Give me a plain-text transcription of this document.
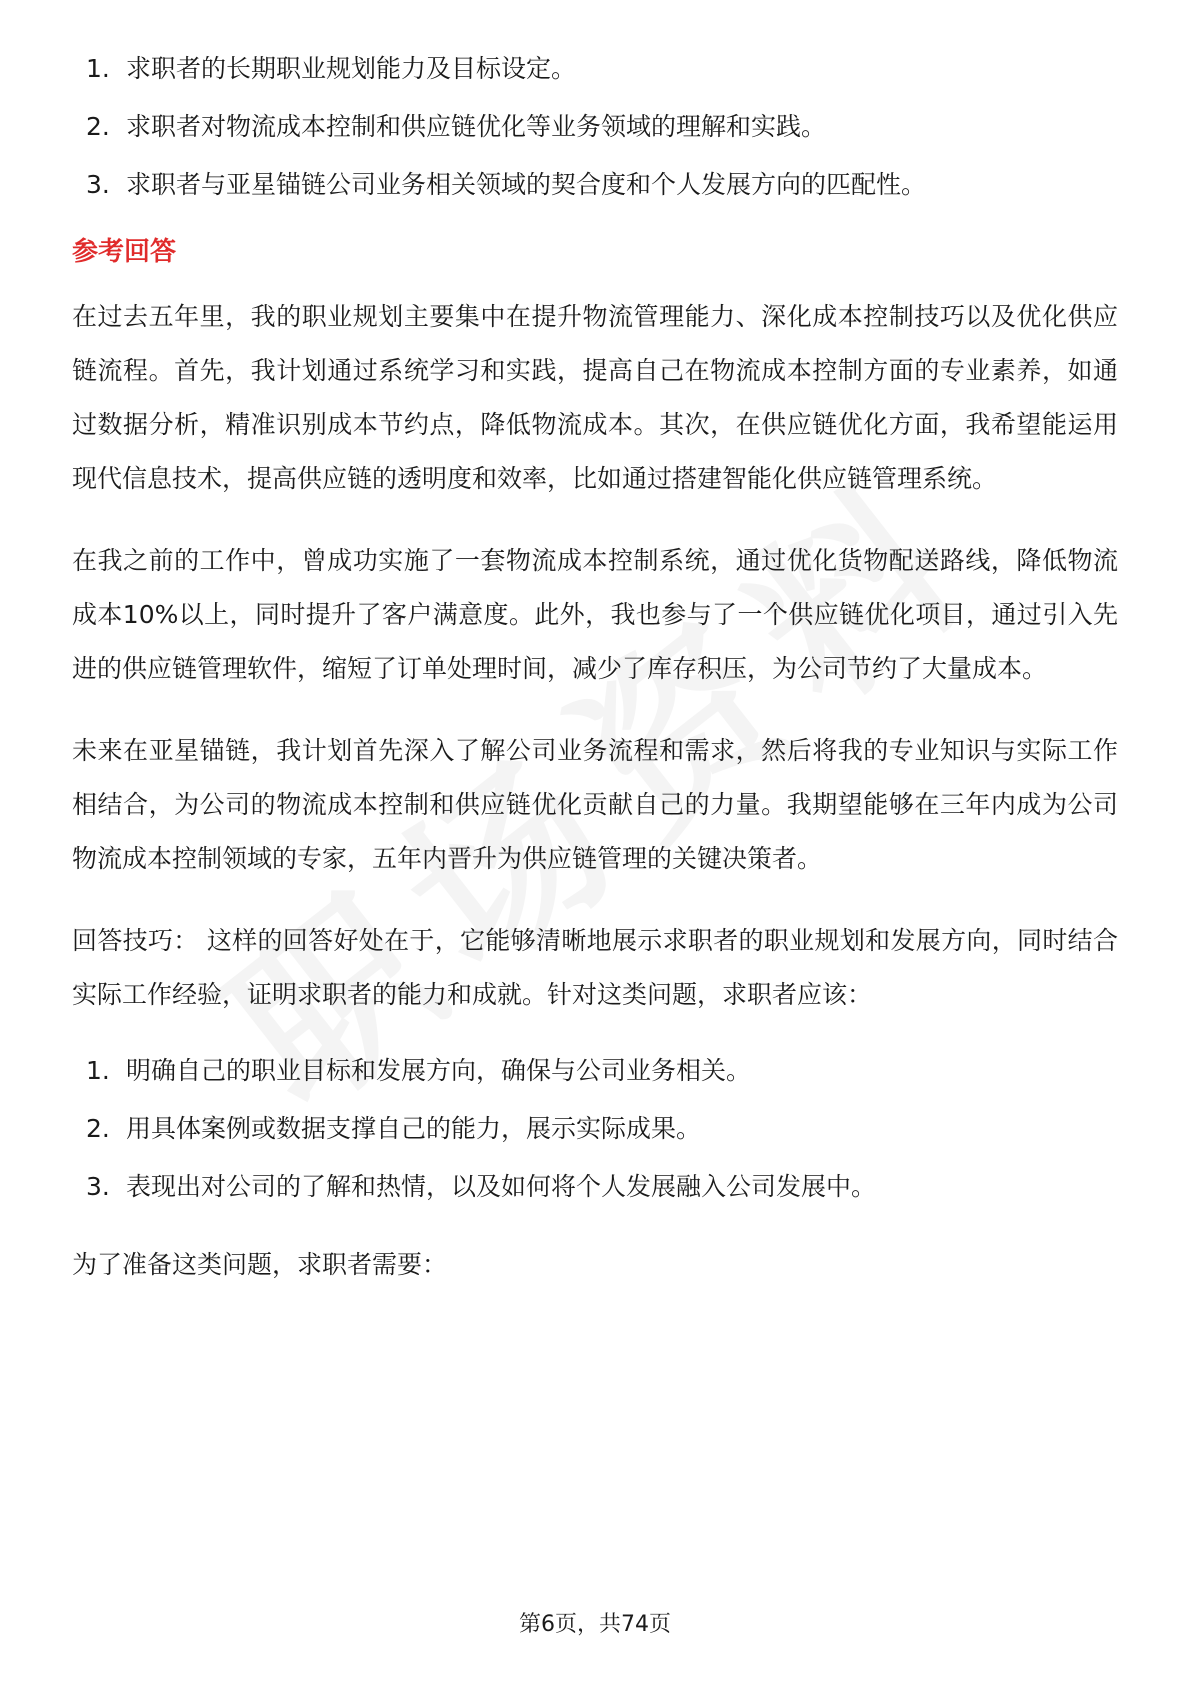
1. 求职者的长期职业规划能力及目标设定。
2. 求职者对物流成本控制和供应链优化等业务领域的理解和实践。
3. 求职者与亚星锚链公司业务相关领域的契合度和个人发展方向的匹配性。
参考回答

在过去五年里，我的职业规划主要集中在提升物流管理能力、深化成本控制技巧以及优化供应链流程。首先，我计划通过系统学习和实践，提高自己在物流成本控制方面的专业素养，如通过数据分析，精准识别成本节约点，降低物流成本。其次，在供应链优化方面，我希望能运用现代信息技术，提高供应链的透明度和效率，比如通过搭建智能化供应链管理系统。

在我之前的工作中，曾成功实施了一套物流成本控制系统，通过优化货物配送路线，降低物流成本10%以上，同时提升了客户满意度。此外，我也参与了一个供应链优化项目，通过引入先进的供应链管理软件，缩短了订单处理时间，减少了库存积压，为公司节约了大量成本。

未来在亚星锚链，我计划首先深入了解公司业务流程和需求，然后将我的专业知识与实际工作相结合，为公司的物流成本控制和供应链优化贡献自己的力量。我期望能够在三年内成为公司物流成本控制领域的专家，五年内晋升为供应链管理的关键决策者。

回答技巧： 这样的回答好处在于，它能够清晰地展示求职者的职业规划和发展方向，同时结合实际工作经验，证明求职者的能力和成就。针对这类问题，求职者应该：

1. 明确自己的职业目标和发展方向，确保与公司业务相关。
2. 用具体案例或数据支撑自己的能力，展示实际成果。
3. 表现出对公司的了解和热情，以及如何将个人发展融入公司发展中。
为了准备这类问题，求职者需要：
第6页，共74页
